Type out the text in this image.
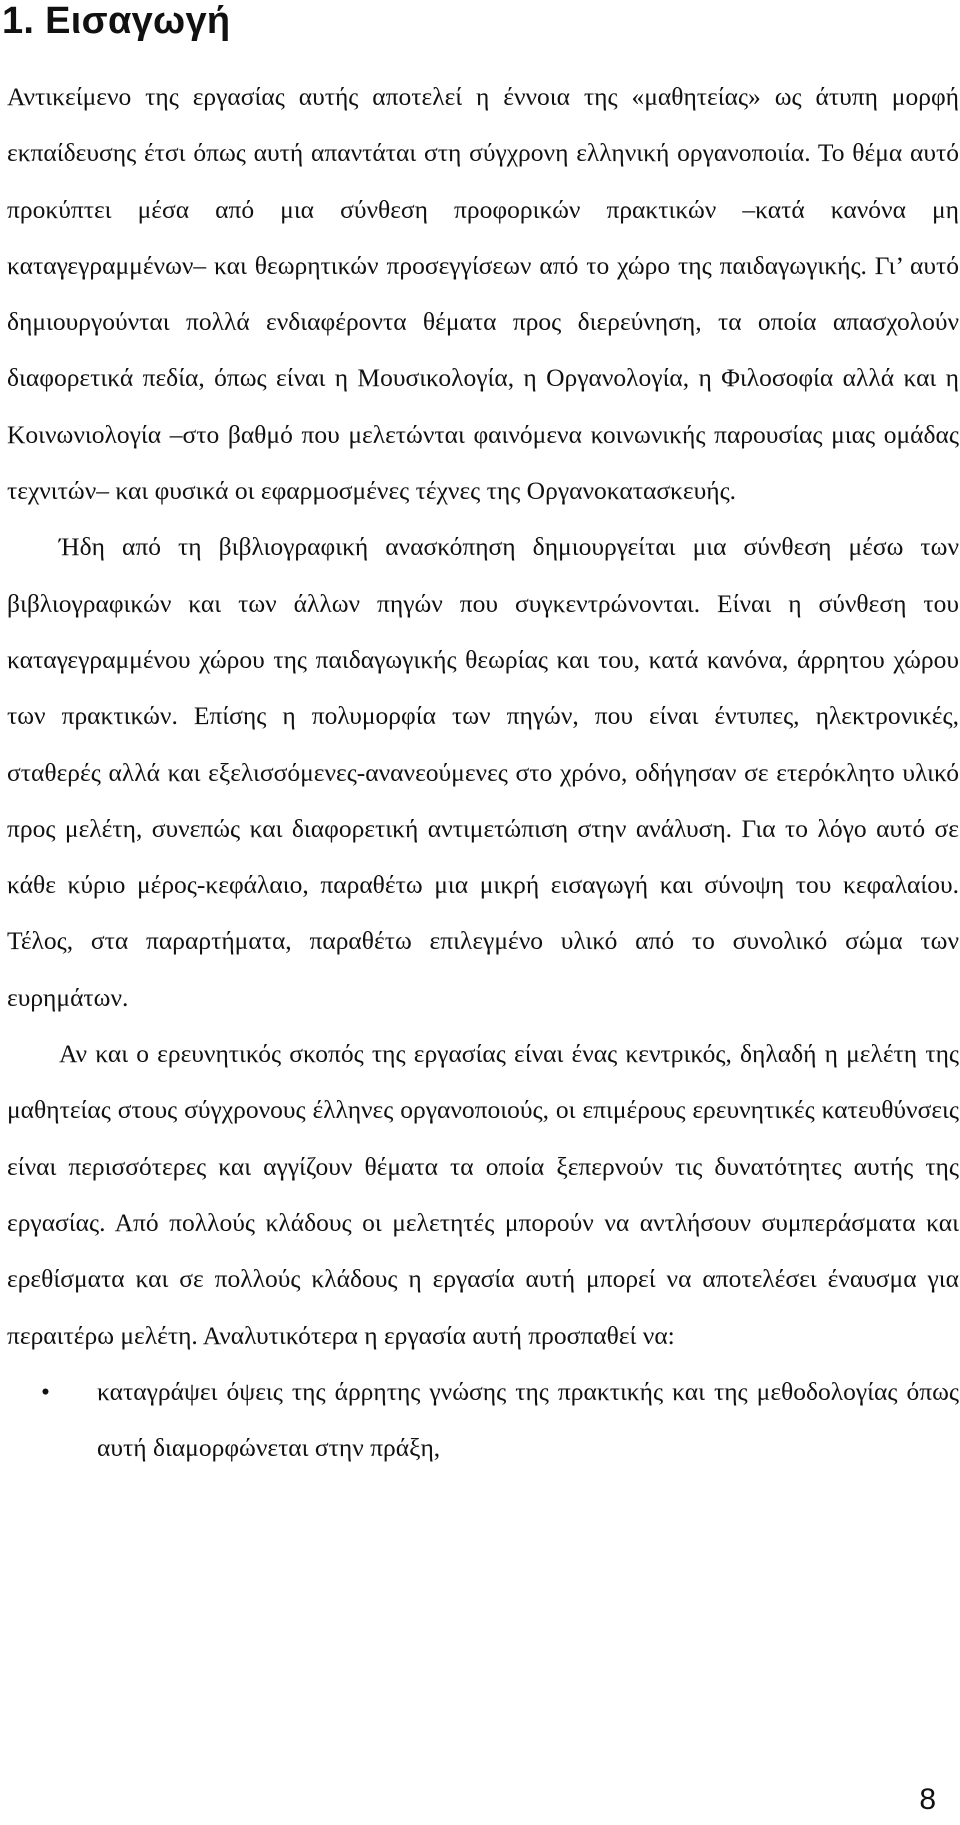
1. Εισαγωγή

Αντικείμενο της εργασίας αυτής αποτελεί η έννοια της «μαθητείας» ως άτυπη μορφή εκπαίδευσης έτσι όπως αυτή απαντάται στη σύγχρονη ελληνική οργανοποιία. Το θέμα αυτό προκύπτει μέσα από μια σύνθεση προφορικών πρακτικών –κατά κανόνα μη καταγεγραμμένων– και θεωρητικών προσεγγίσεων από το χώρο της παιδαγωγικής. Γι’ αυτό δημιουργούνται πολλά ενδιαφέροντα θέματα προς διερεύνηση, τα οποία απασχολούν διαφορετικά πεδία, όπως είναι η Μουσικολογία, η Οργανολογία, η Φιλοσοφία αλλά και η Κοινωνιολογία –στο βαθμό που μελετώνται φαινόμενα κοινωνικής παρουσίας μιας ομάδας τεχνιτών– και φυσικά οι εφαρμοσμένες τέχνες της Οργανοκατασκευής.

Ήδη από τη βιβλιογραφική ανασκόπηση δημιουργείται μια σύνθεση μέσω των βιβλιογραφικών και των άλλων πηγών που συγκεντρώνονται. Είναι η σύνθεση του καταγεγραμμένου χώρου της παιδαγωγικής θεωρίας και του, κατά κανόνα, άρρητου χώρου των πρακτικών. Επίσης η πολυμορφία των πηγών, που είναι έντυπες, ηλεκτρονικές, σταθερές αλλά και εξελισσόμενες-ανανεούμενες στο χρόνο, οδήγησαν σε ετερόκλητο υλικό προς μελέτη, συνεπώς και διαφορετική αντιμετώπιση στην ανάλυση. Για το λόγο αυτό σε κάθε κύριο μέρος-κεφάλαιο, παραθέτω μια μικρή εισαγωγή και σύνοψη του κεφαλαίου. Τέλος, στα παραρτήματα, παραθέτω επιλεγμένο υλικό από το συνολικό σώμα των ευρημάτων.

Αν και ο ερευνητικός σκοπός της εργασίας είναι ένας κεντρικός, δηλαδή η μελέτη της μαθητείας στους σύγχρονους έλληνες οργανοποιούς, οι επιμέρους ερευνητικές κατευθύνσεις είναι περισσότερες και αγγίζουν θέματα τα οποία ξεπερνούν τις δυνατότητες αυτής της εργασίας. Από πολλούς κλάδους οι μελετητές μπορούν να αντλήσουν συμπεράσματα και ερεθίσματα και σε πολλούς κλάδους η εργασία αυτή μπορεί να αποτελέσει έναυσμα για περαιτέρω μελέτη. Αναλυτικότερα η εργασία αυτή προσπαθεί να:

• καταγράψει όψεις της άρρητης γνώσης της πρακτικής και της μεθοδολογίας όπως αυτή διαμορφώνεται στην πράξη,

8
